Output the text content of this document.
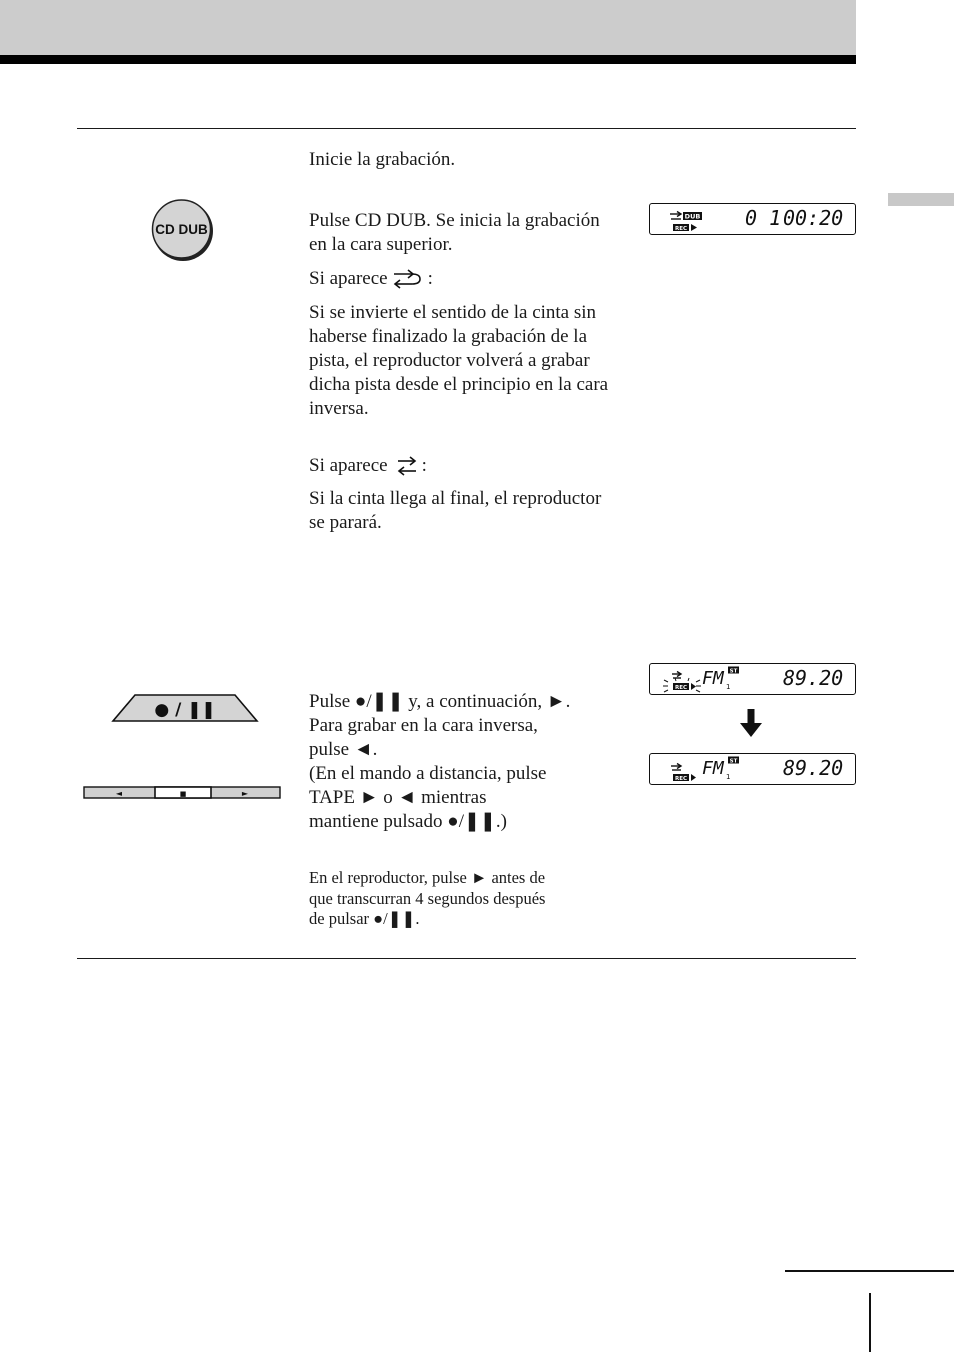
Inicie la grabación.
CD DUB	Pulse CD DUB. Se inicia la grabación en la cara superior.
Si aparece :
Si se invierte el sentido de la cinta sin haberse finalizado la grabación de la pista, el reproductor volverá a grabar dicha pista desde el principio en la cara inversa.
Si aparece :
Si la cinta llega al final, el reproductor se parará.
DUB
REC	0 1 00:20
● / ❚❚
◄	■	►
Pulse ●/❚❚ y, a continuación, ►.
Para grabar en la cara inversa,
pulse ◄.
(En el mando a distancia, pulse
TAPE ► o ◄ mientras
mantiene pulsado ●/❚❚.)
En el reproductor, pulse ► antes de
que transcurran 4 segundos después
de pulsar ●/❚❚.
REC FM 1
ST 89.20
REC FM 1
ST 89.20
